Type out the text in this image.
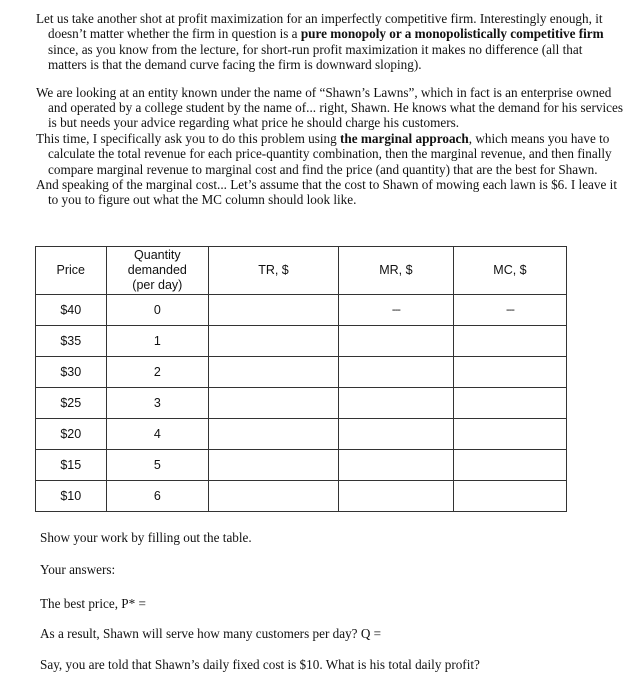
Let us take another shot at profit maximization for an imperfectly competitive firm. Interestingly enough, it doesn’t matter whether the firm in question is a pure monopoly or a monopolistically competitive firm since, as you know from the lecture, for short-run profit maximization it makes no difference (all that matters is that the demand curve facing the firm is downward sloping).

We are looking at an entity known under the name of “Shawn’s Lawns”, which in fact is an enterprise owned and operated by a college student by the name of... right, Shawn. He knows what the demand for his services is but needs your advice regarding what price he should charge his customers.

This time, I specifically ask you to do this problem using the marginal approach, which means you have to calculate the total revenue for each price-quantity combination, then the marginal revenue, and then finally compare marginal revenue to marginal cost and find the price (and quantity) that are the best for Shawn.

And speaking of the marginal cost... Let’s assume that the cost to Shawn of mowing each lawn is $6. I leave it to you to figure out what the MC column should look like.

Price	Quantity
demanded
(per day)	TR, $	MR, $	MC, $
$40	0		---	---
$35	1			
$30	2			
$25	3			
$20	4			
$15	5			
$10	6			
Show your work by filling out the table.
Your answers:
The best price, P* =
As a result, Shawn will serve how many customers per day? Q =
Say, you are told that Shawn’s daily fixed cost is $10. What is his total daily profit?
